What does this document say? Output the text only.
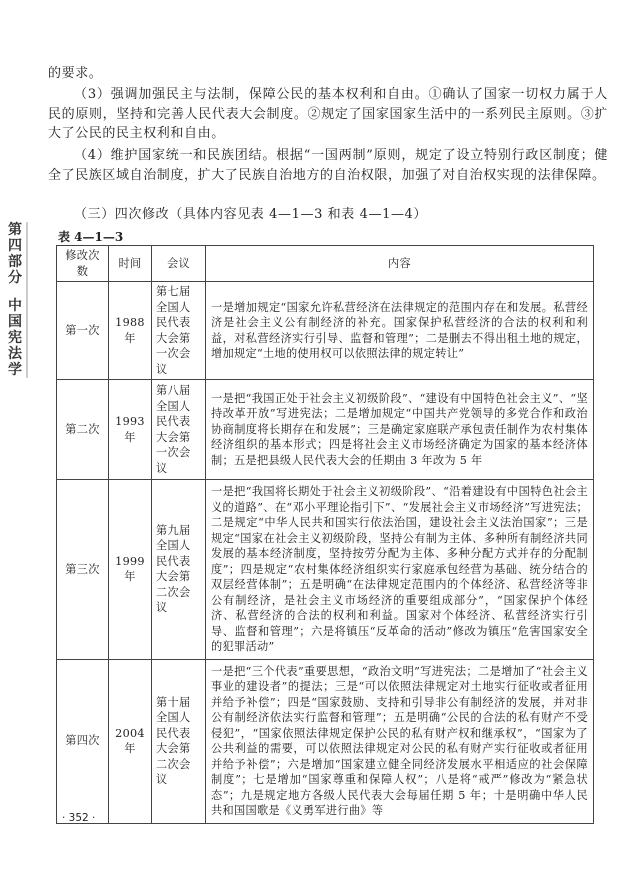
的要求。

（3）强调加强民主与法制，保障公民的基本权利和自由。①确认了国家一切权力属于人民的原则，坚持和完善人民代表大会制度。②规定了国家国家生活中的一系列民主原则。③扩大了公民的民主权利和自由。

（4）维护国家统一和民族团结。根据“一国两制”原则，规定了设立特别行政区制度；健全了民族区域自治制度，扩大了民族自治地方的自治权限，加强了对自治权实现的法律保障。

（三）四次修改（具体内容见表 4—1—3 和表 4—1—4）

第
四
部
分
中
国
宪
法
学
表 4—1—3
修改次数	时间	会议	内容
第一次	1988 年	第七届全国人民代表大会第一次会议	一是增加规定“国家允许私营经济在法律规定的范围内存在和发展。私营经济是社会主义公有制经济的补充。国家保护私营经济的合法的权利和利益，对私营经济实行引导、监督和管理”；二是删去不得出租土地的规定，增加规定“土地的使用权可以依照法律的规定转让”
第二次	1993 年	第八届全国人民代表大会第一次会议	一是把“我国正处于社会主义初级阶段”、“建设有中国特色社会主义”、“坚持改革开放”写进宪法；二是增加规定“中国共产党领导的多党合作和政治协商制度将长期存在和发展”；三是确定家庭联产承包责任制作为农村集体经济组织的基本形式；四是将社会主义市场经济确定为国家的基本经济体制；五是把县级人民代表大会的任期由 3 年改为 5 年
第三次	1999 年	第九届全国人民代表大会第二次会议	一是把“我国将长期处于社会主义初级阶段”、“沿着建设有中国特色社会主义的道路”、在“邓小平理论指引下”、“发展社会主义市场经济”写进宪法；二是规定“中华人民共和国实行依法治国，建设社会主义法治国家”；三是规定“国家在社会主义初级阶段，坚持公有制为主体、多种所有制经济共同发展的基本经济制度，坚持按劳分配为主体、多种分配方式并存的分配制度”；四是规定“农村集体经济组织实行家庭承包经营为基础、统分结合的双层经营体制”；五是明确“在法律规定范围内的个体经济、私营经济等非公有制经济，是社会主义市场经济的重要组成部分”，“国家保护个体经济、私营经济的合法的权利和利益。国家对个体经济、私营经济实行引导、监督和管理”；六是将镇压“反革命的活动”修改为镇压“危害国家安全的犯罪活动”
第四次	2004 年	第十届全国人民代表大会第二次会议	一是把“三个代表”重要思想，“政治文明”写进宪法；二是增加了“社会主义事业的建设者”的提法；三是“可以依照法律规定对土地实行征收或者征用并给予补偿”；四是“国家鼓励、支持和引导非公有制经济的发展，并对非公有制经济依法实行监督和管理”；五是明确“公民的合法的私有财产不受侵犯”，“国家依照法律规定保护公民的私有财产权和继承权”，“国家为了公共利益的需要，可以依照法律规定对公民的私有财产实行征收或者征用并给予补偿”；六是增加“国家建立健全同经济发展水平相适应的社会保障制度”；七是增加“国家尊重和保障人权”；八是将“戒严”修改为“紧急状态”；九是规定地方各级人民代表大会每届任期 5 年；十是明确中华人民共和国国歌是《义勇军进行曲》等
· 352 ·
